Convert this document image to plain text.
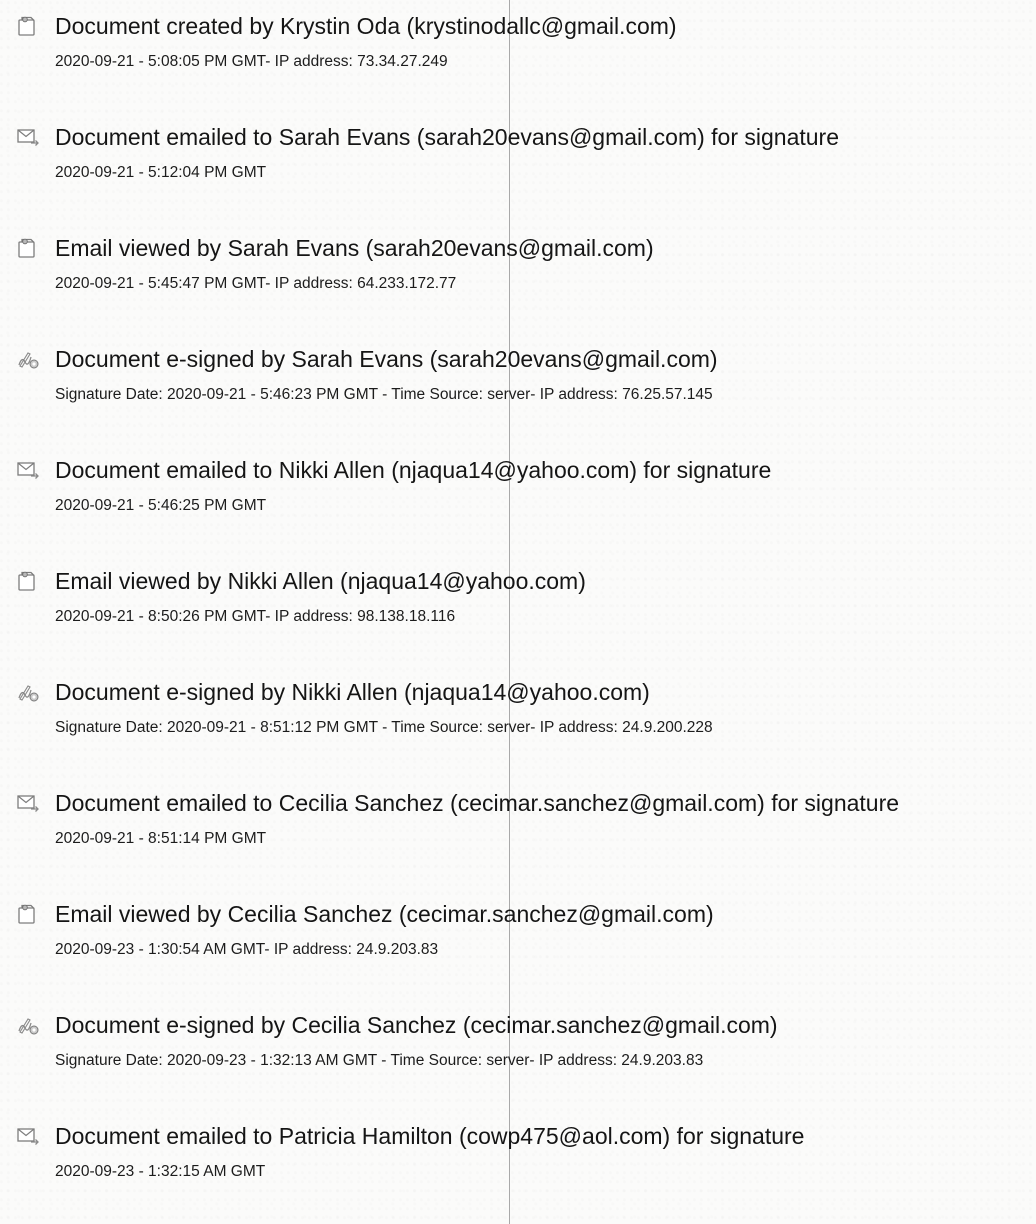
Document created by Krystin Oda (krystinodallc@gmail.com)
2020-09-21 - 5:08:05 PM GMT- IP address: 73.34.27.249
Document emailed to Sarah Evans (sarah20evans@gmail.com) for signature
2020-09-21 - 5:12:04 PM GMT
Email viewed by Sarah Evans (sarah20evans@gmail.com)
2020-09-21 - 5:45:47 PM GMT- IP address: 64.233.172.77
Document e-signed by Sarah Evans (sarah20evans@gmail.com)
Signature Date: 2020-09-21 - 5:46:23 PM GMT - Time Source: server- IP address: 76.25.57.145
Document emailed to Nikki Allen (njaqua14@yahoo.com) for signature
2020-09-21 - 5:46:25 PM GMT
Email viewed by Nikki Allen (njaqua14@yahoo.com)
2020-09-21 - 8:50:26 PM GMT- IP address: 98.138.18.116
Document e-signed by Nikki Allen (njaqua14@yahoo.com)
Signature Date: 2020-09-21 - 8:51:12 PM GMT - Time Source: server- IP address: 24.9.200.228
Document emailed to Cecilia Sanchez (cecimar.sanchez@gmail.com) for signature
2020-09-21 - 8:51:14 PM GMT
Email viewed by Cecilia Sanchez (cecimar.sanchez@gmail.com)
2020-09-23 - 1:30:54 AM GMT- IP address: 24.9.203.83
Document e-signed by Cecilia Sanchez (cecimar.sanchez@gmail.com)
Signature Date: 2020-09-23 - 1:32:13 AM GMT - Time Source: server- IP address: 24.9.203.83
Document emailed to Patricia Hamilton (cowp475@aol.com) for signature
2020-09-23 - 1:32:15 AM GMT
